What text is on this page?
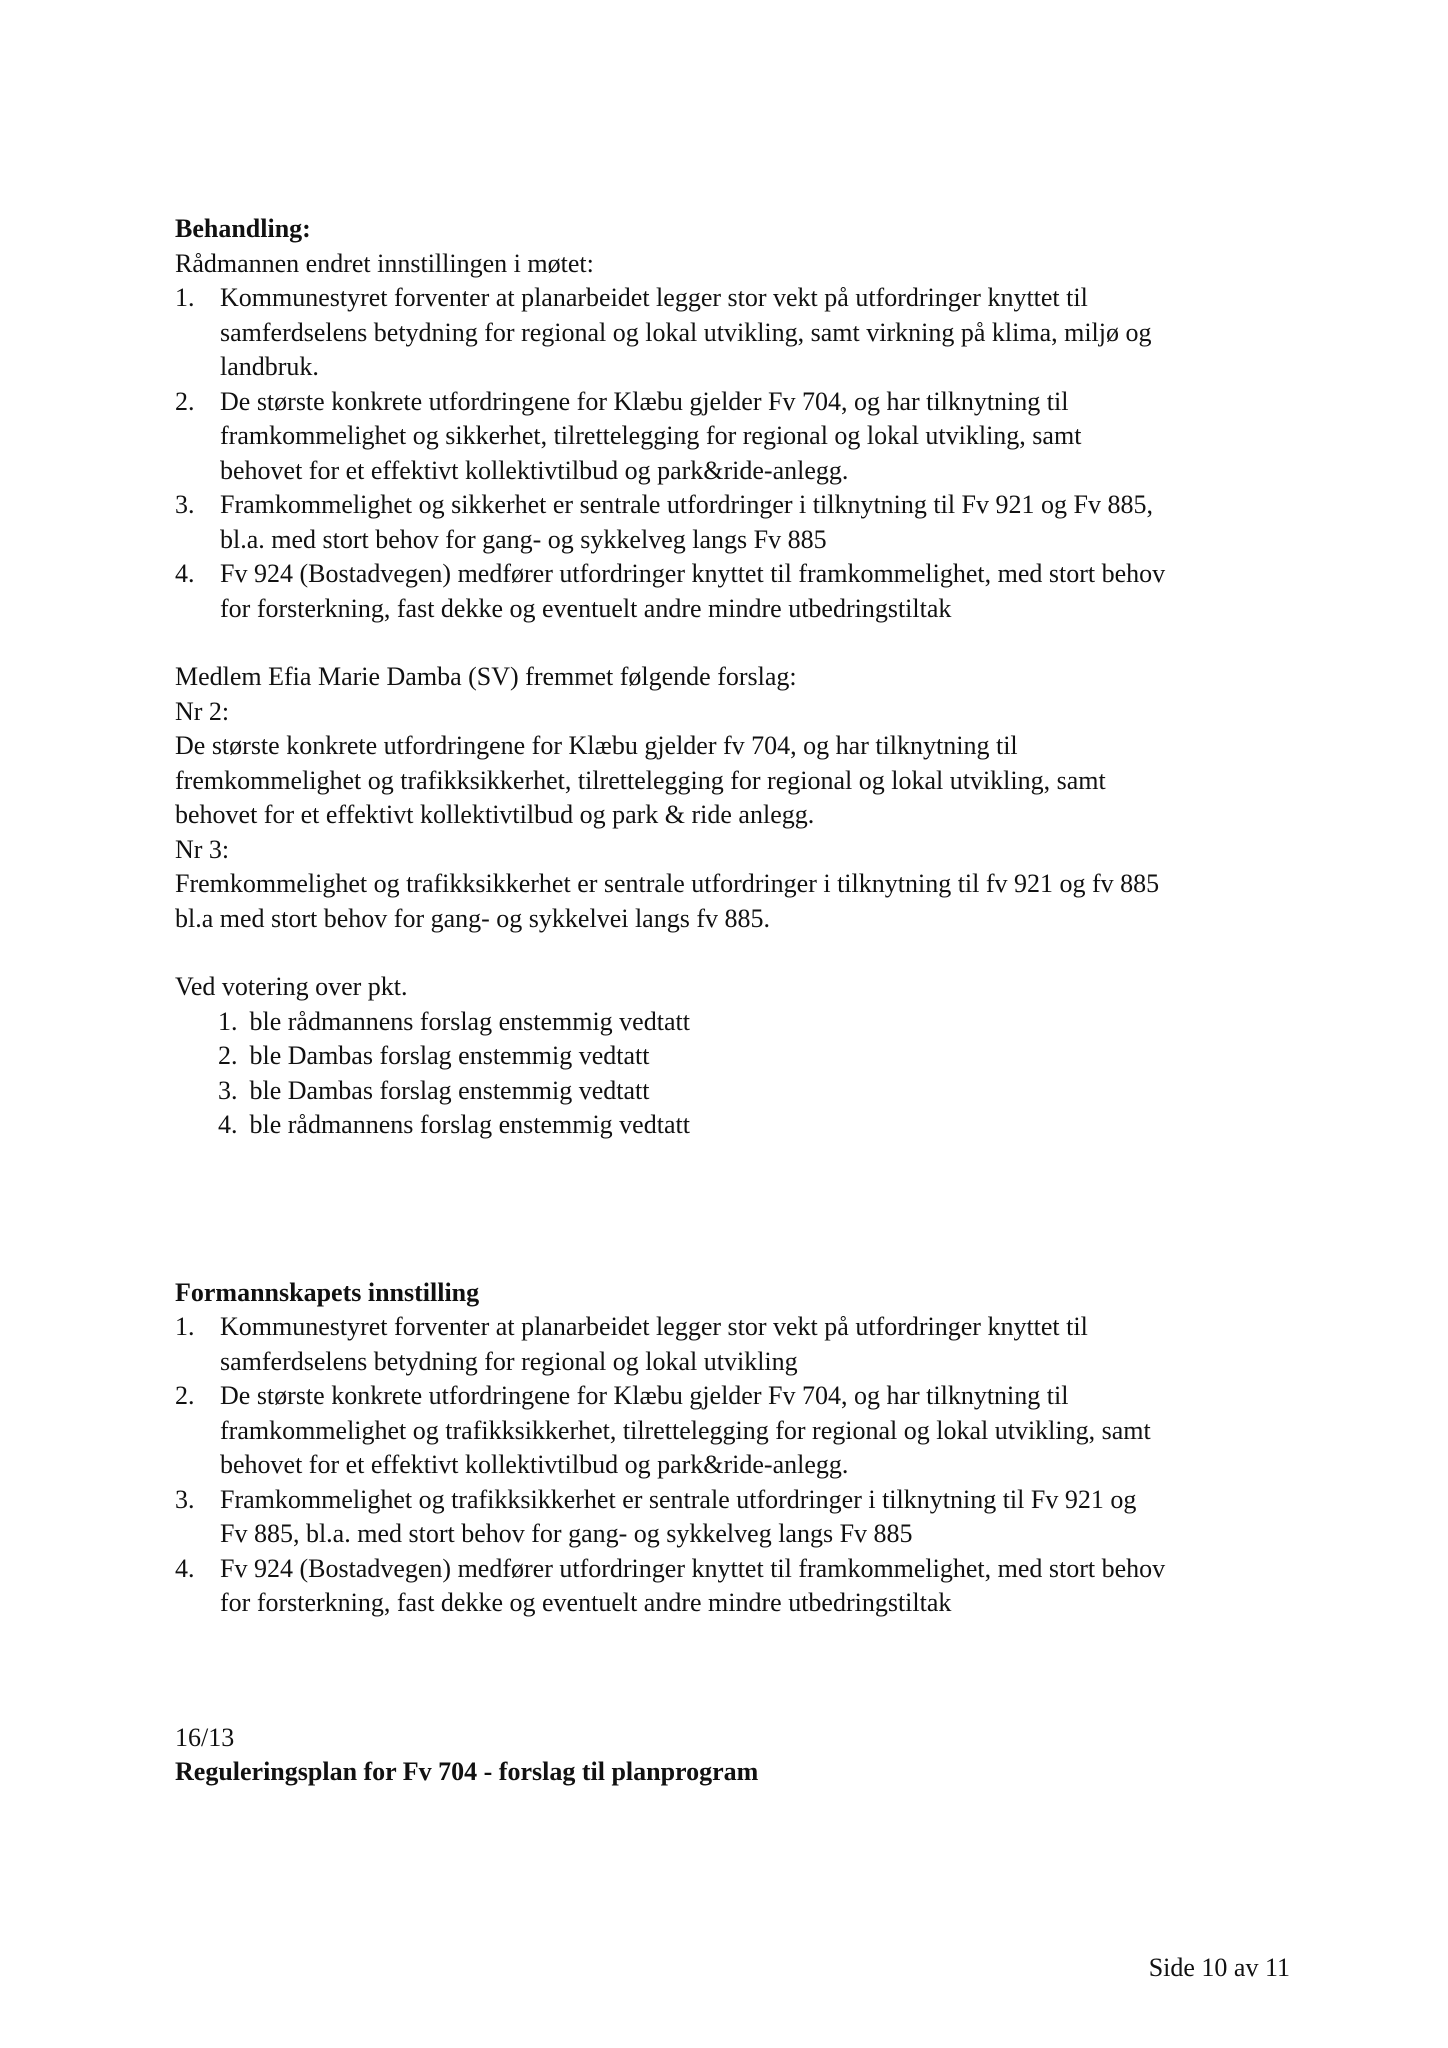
Behandling:
Rådmannen endret innstillingen i møtet:
1. Kommunestyret forventer at planarbeidet legger stor vekt på utfordringer knyttet til
samferdselens betydning for regional og lokal utvikling, samt virkning på klima, miljø og
landbruk.
2. De største konkrete utfordringene for Klæbu gjelder Fv 704, og har tilknytning til
framkommelighet og sikkerhet, tilrettelegging for regional og lokal utvikling, samt
behovet for et effektivt kollektivtilbud og park&ride-anlegg.
3. Framkommelighet og sikkerhet er sentrale utfordringer i tilknytning til Fv 921 og Fv 885,
bl.a. med stort behov for gang- og sykkelveg langs Fv 885
4. Fv 924 (Bostadvegen) medfører utfordringer knyttet til framkommelighet, med stort behov
for forsterkning, fast dekke og eventuelt andre mindre utbedringstiltak
Medlem Efia Marie Damba (SV) fremmet følgende forslag:
Nr 2:
De største konkrete utfordringene for Klæbu gjelder fv 704, og har tilknytning til
fremkommelighet og trafikksikkerhet, tilrettelegging for regional og lokal utvikling, samt
behovet for et effektivt kollektivtilbud og park & ride anlegg.
Nr 3:
Fremkommelighet og trafikksikkerhet er sentrale utfordringer i tilknytning til fv 921 og fv 885
bl.a med stort behov for gang- og sykkelvei langs fv 885.
Ved votering over pkt.
1. ble rådmannens forslag enstemmig vedtatt
2. ble Dambas forslag enstemmig vedtatt
3. ble Dambas forslag enstemmig vedtatt
4. ble rådmannens forslag enstemmig vedtatt
Formannskapets innstilling
1. Kommunestyret forventer at planarbeidet legger stor vekt på utfordringer knyttet til
samferdselens betydning for regional og lokal utvikling
2. De største konkrete utfordringene for Klæbu gjelder Fv 704, og har tilknytning til
framkommelighet og trafikksikkerhet, tilrettelegging for regional og lokal utvikling, samt
behovet for et effektivt kollektivtilbud og park&ride-anlegg.
3. Framkommelighet og trafikksikkerhet er sentrale utfordringer i tilknytning til Fv 921 og
Fv 885, bl.a. med stort behov for gang- og sykkelveg langs Fv 885
4. Fv 924 (Bostadvegen) medfører utfordringer knyttet til framkommelighet, med stort behov
for forsterkning, fast dekke og eventuelt andre mindre utbedringstiltak
16/13
Reguleringsplan for Fv 704 - forslag til planprogram
Side 10 av 11
